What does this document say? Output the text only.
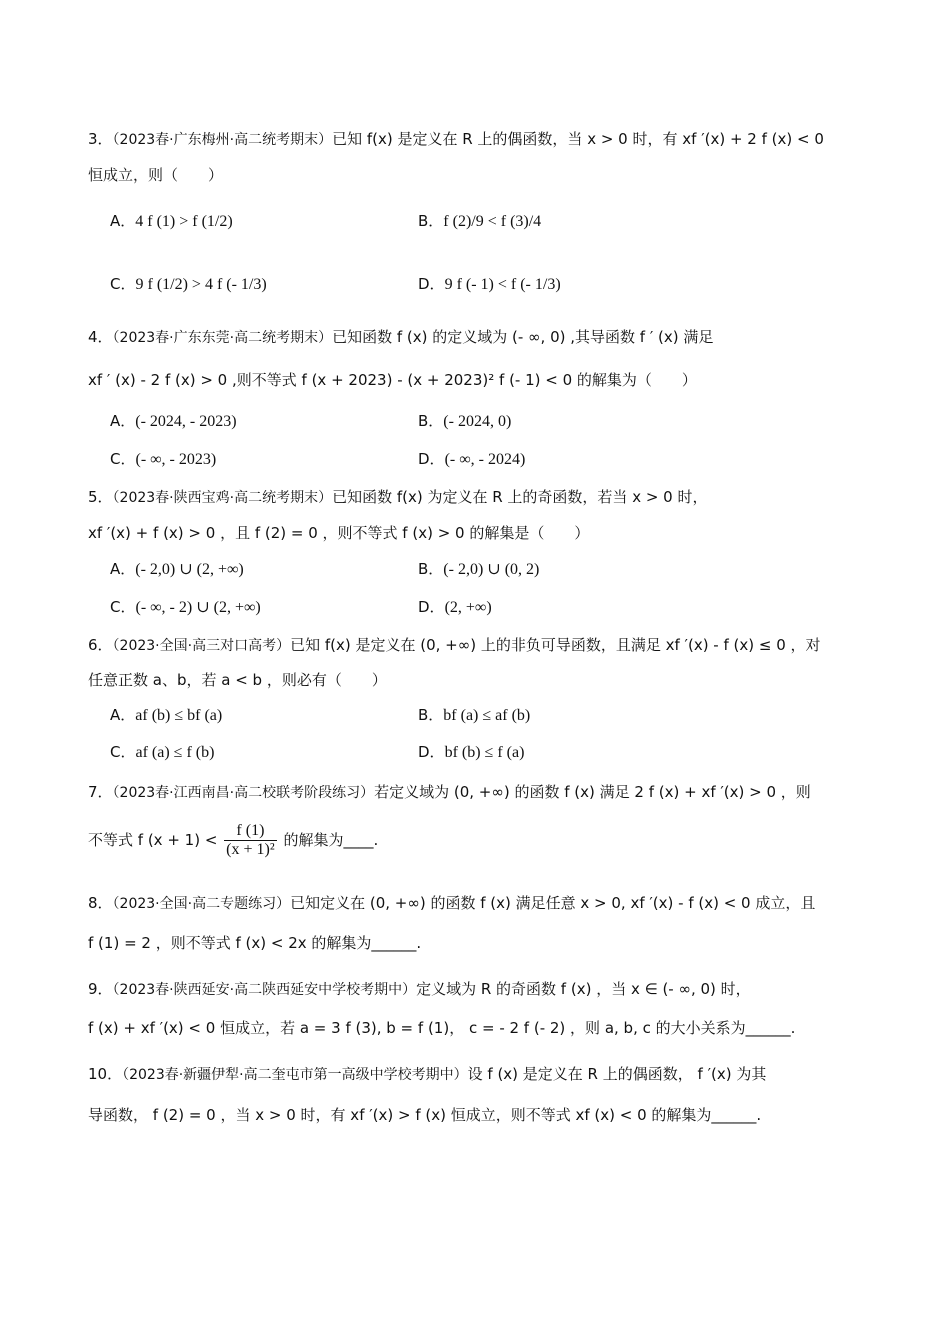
3．（2023春·广东梅州·高二统考期末）已知 f(x) 是定义在 R 上的偶函数，当 x > 0 时，有 xf ′(x) + 2 f (x) < 0
恒成立，则（　　）
A．4 f (1) > f (1/2)	B．f (2)/9 < f (3)/4
C．9 f (1/2) > 4 f (- 1/3)	D．9 f (- 1) < f (- 1/3)
4．（2023春·广东东莞·高二统考期末）已知函数 f (x) 的定义域为 (- ∞, 0) ,其导函数 f ′ (x) 满足
xf ′ (x) - 2 f (x) > 0 ,则不等式 f (x + 2023) - (x + 2023)² f (- 1) < 0 的解集为（　　）
A．(- 2024, - 2023)	B．(- 2024, 0)
C．(- ∞, - 2023)	D．(- ∞, - 2024)
5．（2023春·陕西宝鸡·高二统考期末）已知函数 f(x) 为定义在 R 上的奇函数，若当 x > 0 时，
xf ′(x) + f (x) > 0 ，且 f (2) = 0 ，则不等式 f (x) > 0 的解集是（　　）
A．(- 2,0) ∪ (2, +∞)	B．(- 2,0) ∪ (0, 2)
C．(- ∞, - 2) ∪ (2, +∞)	D．(2, +∞)
6．（2023·全国·高三对口高考）已知 f(x) 是定义在 (0, +∞) 上的非负可导函数，且满足 xf ′(x) - f (x) ≤ 0 ，对
任意正数 a、b，若 a < b ，则必有（　　）
A．af (b) ≤ bf (a)	B．bf (a) ≤ af (b)
C．af (a) ≤ f (b)	D．bf (b) ≤ f (a)
7．（2023春·江西南昌·高二校联考阶段练习）若定义域为 (0, +∞) 的函数 f (x) 满足 2 f (x) + xf ′(x) > 0 ，则
不等式 f $(x + 1) < \frac{f (1)}{\text{(x + 1)²}}$ 的解集为____.
8．（2023·全国·高二专题练习）已知定义在 (0, +∞) 的函数 f (x) 满足任意 x > 0, xf ′(x) - f (x) < 0 成立，且
f (1) = 2 ，则不等式 f (x) < 2x 的解集为______.
9．（2023春·陕西延安·高二陕西延安中学校考期中）定义域为 R 的奇函数 f (x) ，当 x ∈ (- ∞, 0) 时，
f (x) + xf ′(x) < 0 恒成立，若 a = 3 f (3), b = f (1)， c = - 2 f (- 2) ，则 a, b, c 的大小关系为______.
10．（2023春·新疆伊犁·高二奎屯市第一高级中学校考期中）设 f (x) 是定义在 R 上的偶函数， f ′(x) 为其
导函数， f (2) = 0 ，当 x > 0 时，有 xf ′(x) > f (x) 恒成立，则不等式 xf (x) < 0 的解集为______.
